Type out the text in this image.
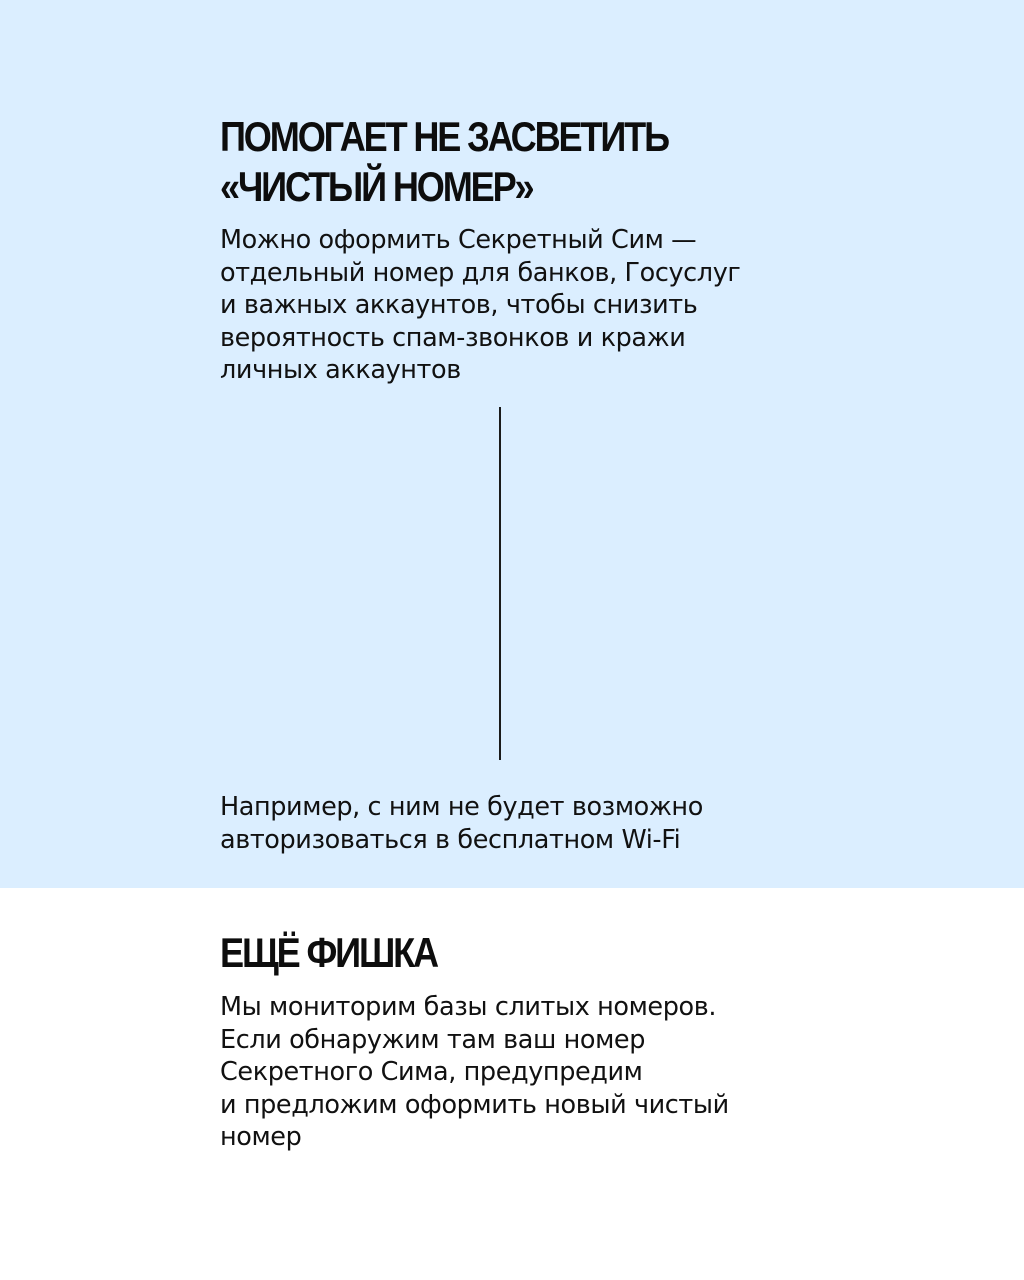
ПОМОГАЕТ НЕ ЗАСВЕТИТЬ
«ЧИСТЫЙ НОМЕР»

Можно оформить Секретный Сим —
отдельный номер для банков, Госуслуг
и важных аккаунтов, чтобы снизить
вероятность спам-звонков и кражи
личных аккаунтов

Например, с ним не будет возможно
авторизоваться в бесплатном Wi-Fi

ЕЩЁ ФИШКА

Мы мониторим базы слитых номеров.
Если обнаружим там ваш номер
Секретного Сима, предупредим
и предложим оформить новый чистый
номер
